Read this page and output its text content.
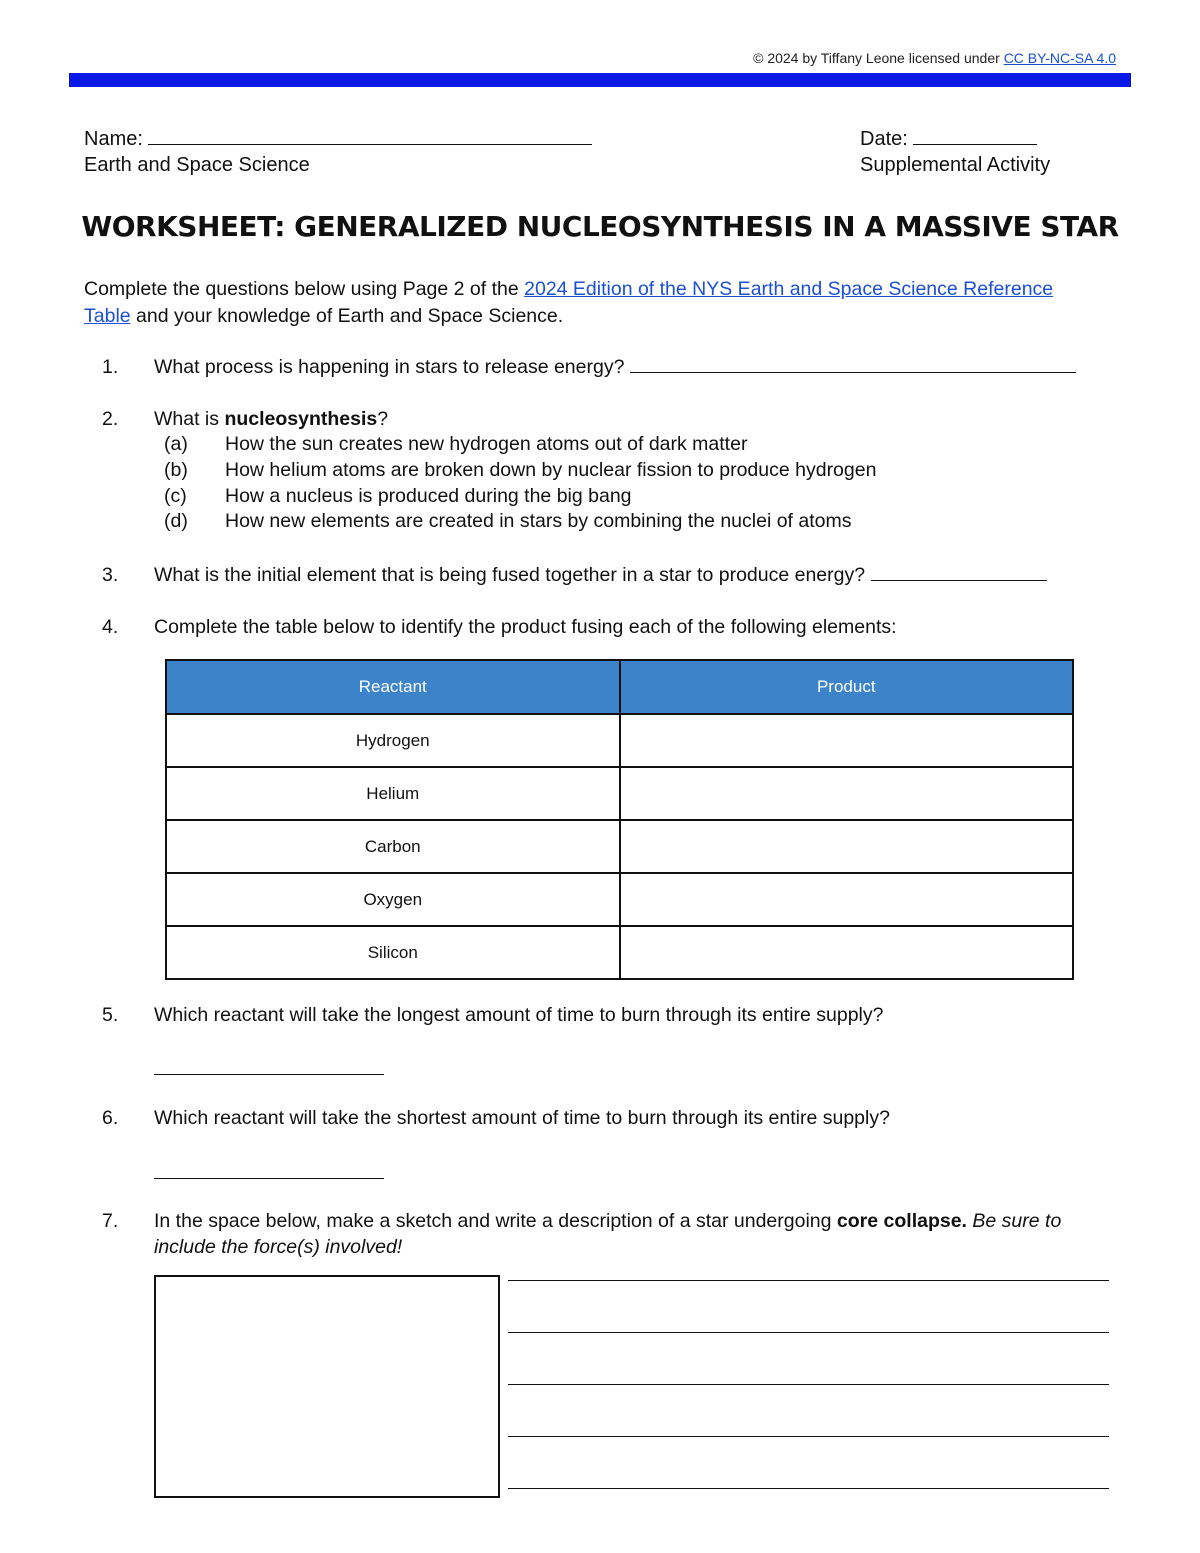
© 2024 by Tiffany Leone licensed under CC BY-NC-SA 4.0
Name:
Earth and Space Science
Date:
Supplemental Activity
WORKSHEET: GENERALIZED NUCLEOSYNTHESIS IN A MASSIVE STAR
Complete the questions below using Page 2 of the 2024 Edition of the NYS Earth and Space Science Reference
Table and your knowledge of Earth and Space Science.
1. What process is happening in stars to release energy?
2. What is nucleosynthesis?
(a) How the sun creates new hydrogen atoms out of dark matter
(b) How helium atoms are broken down by nuclear fission to produce hydrogen
(c) How a nucleus is produced during the big bang
(d) How new elements are created in stars by combining the nuclei of atoms
3. What is the initial element that is being fused together in a star to produce energy?
4. Complete the table below to identify the product fusing each of the following elements:
Reactant	Product
Hydrogen	
Helium	
Carbon	
Oxygen	
Silicon	
5. Which reactant will take the longest amount of time to burn through its entire supply?
6. Which reactant will take the shortest amount of time to burn through its entire supply?
7. In the space below, make a sketch and write a description of a star undergoing core collapse. Be sure to
include the force(s) involved!
